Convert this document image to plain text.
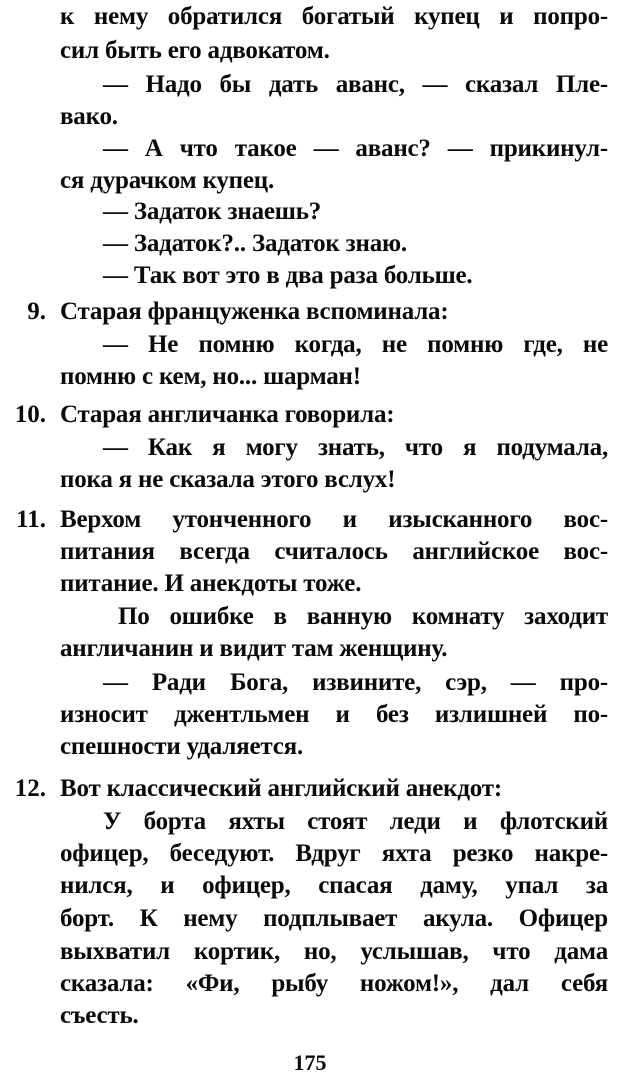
к нему обратился богатый купец и попро-
сил быть его адвокатом.
— Надо бы дать аванс, — сказал Пле-
вако.
— А что такое — аванс? — прикинул-
ся дурачком купец.
— Задаток знаешь?
— Задаток?.. Задаток знаю.
— Так вот это в два раза больше.
9. Старая француженка вспоминала:
— Не помню когда, не помню где, не
помню с кем, но... шарман!
10. Старая англичанка говорила:
— Как я могу знать, что я подумала,
пока я не сказала этого вслух!
11. Верхом утонченного и изысканного вос-
питания всегда считалось английское вос-
питание. И анекдоты тоже.
По ошибке в ванную комнату заходит
англичанин и видит там женщину.
— Ради Бога, извините, сэр, — про-
износит джентльмен и без излишней по-
спешности удаляется.
12. Вот классический английский анекдот:
У борта яхты стоят леди и флотский
офицер, беседуют. Вдруг яхта резко накре-
нился, и офицер, спасая даму, упал за
борт. К нему подплывает акула. Офицер
выхватил кортик, но, услышав, что дама
сказала: «Фи, рыбу ножом!», дал себя
съесть.
175
